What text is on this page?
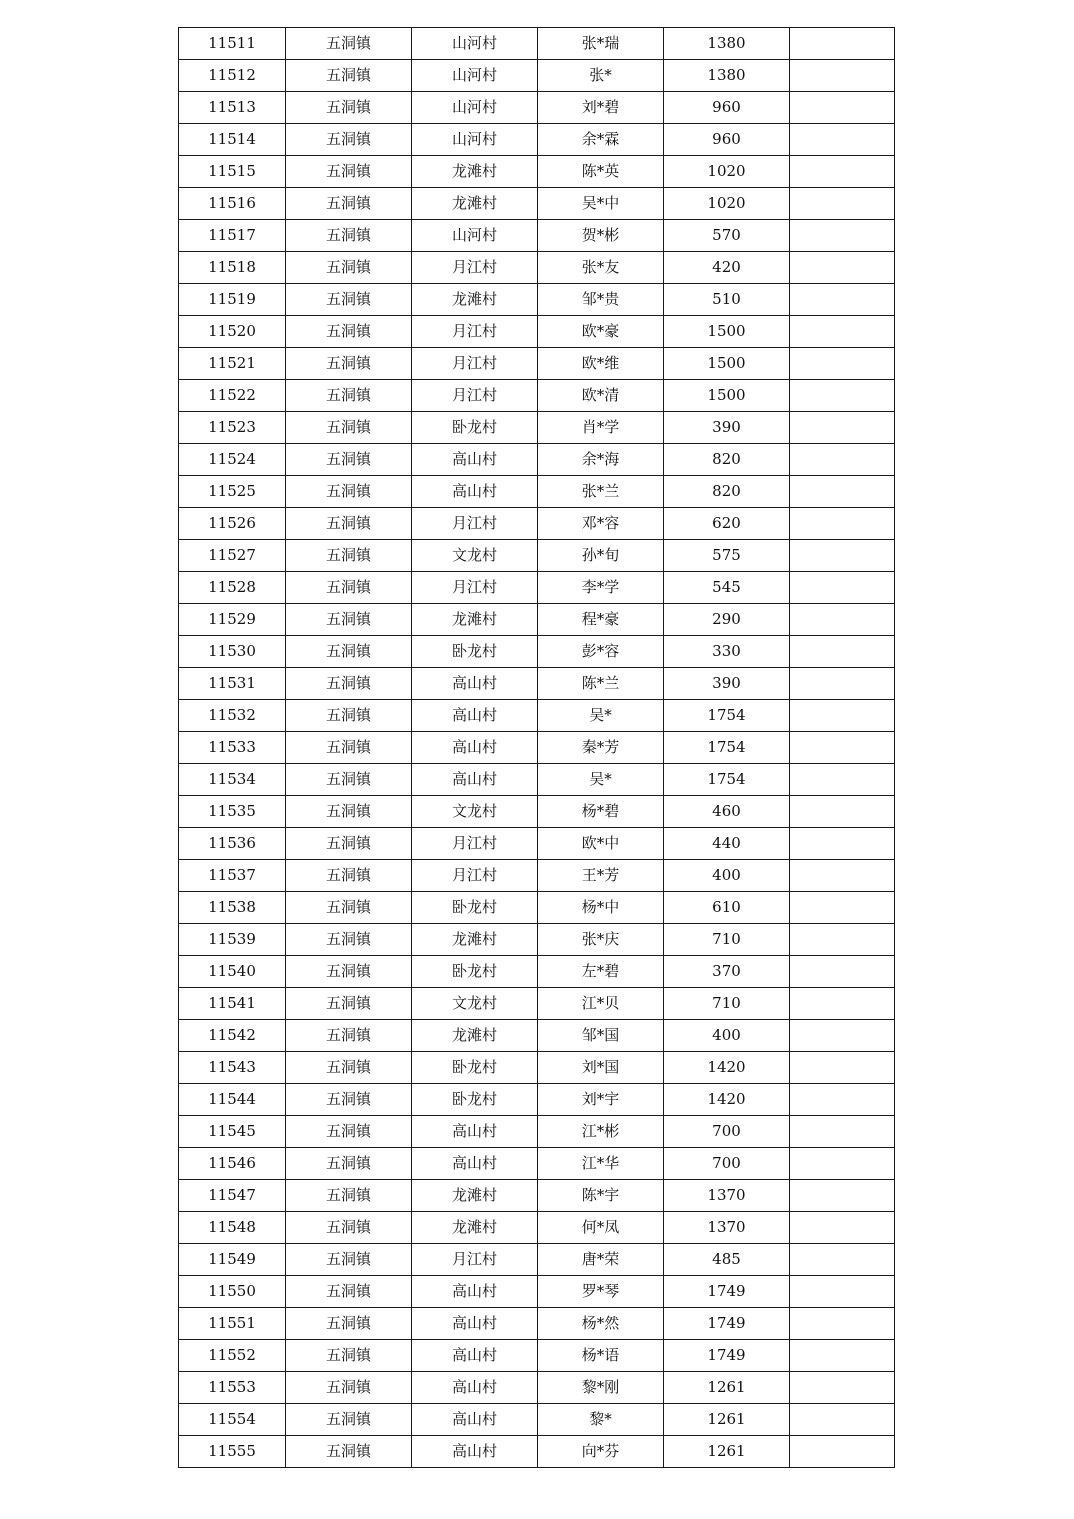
11511	五洞镇	山河村	张*瑞	1380	
11512	五洞镇	山河村	张*	1380	
11513	五洞镇	山河村	刘*碧	960	
11514	五洞镇	山河村	余*霖	960	
11515	五洞镇	龙滩村	陈*英	1020	
11516	五洞镇	龙滩村	吴*中	1020	
11517	五洞镇	山河村	贺*彬	570	
11518	五洞镇	月江村	张*友	420	
11519	五洞镇	龙滩村	邹*贵	510	
11520	五洞镇	月江村	欧*豪	1500	
11521	五洞镇	月江村	欧*维	1500	
11522	五洞镇	月江村	欧*清	1500	
11523	五洞镇	卧龙村	肖*学	390	
11524	五洞镇	高山村	余*海	820	
11525	五洞镇	高山村	张*兰	820	
11526	五洞镇	月江村	邓*容	620	
11527	五洞镇	文龙村	孙*旬	575	
11528	五洞镇	月江村	李*学	545	
11529	五洞镇	龙滩村	程*豪	290	
11530	五洞镇	卧龙村	彭*容	330	
11531	五洞镇	高山村	陈*兰	390	
11532	五洞镇	高山村	吴*	1754	
11533	五洞镇	高山村	秦*芳	1754	
11534	五洞镇	高山村	吴*	1754	
11535	五洞镇	文龙村	杨*碧	460	
11536	五洞镇	月江村	欧*中	440	
11537	五洞镇	月江村	王*芳	400	
11538	五洞镇	卧龙村	杨*中	610	
11539	五洞镇	龙滩村	张*庆	710	
11540	五洞镇	卧龙村	左*碧	370	
11541	五洞镇	文龙村	江*贝	710	
11542	五洞镇	龙滩村	邹*国	400	
11543	五洞镇	卧龙村	刘*国	1420	
11544	五洞镇	卧龙村	刘*宇	1420	
11545	五洞镇	高山村	江*彬	700	
11546	五洞镇	高山村	江*华	700	
11547	五洞镇	龙滩村	陈*宇	1370	
11548	五洞镇	龙滩村	何*凤	1370	
11549	五洞镇	月江村	唐*荣	485	
11550	五洞镇	高山村	罗*琴	1749	
11551	五洞镇	高山村	杨*然	1749	
11552	五洞镇	高山村	杨*语	1749	
11553	五洞镇	高山村	黎*刚	1261	
11554	五洞镇	高山村	黎*	1261	
11555	五洞镇	高山村	向*芬	1261	
